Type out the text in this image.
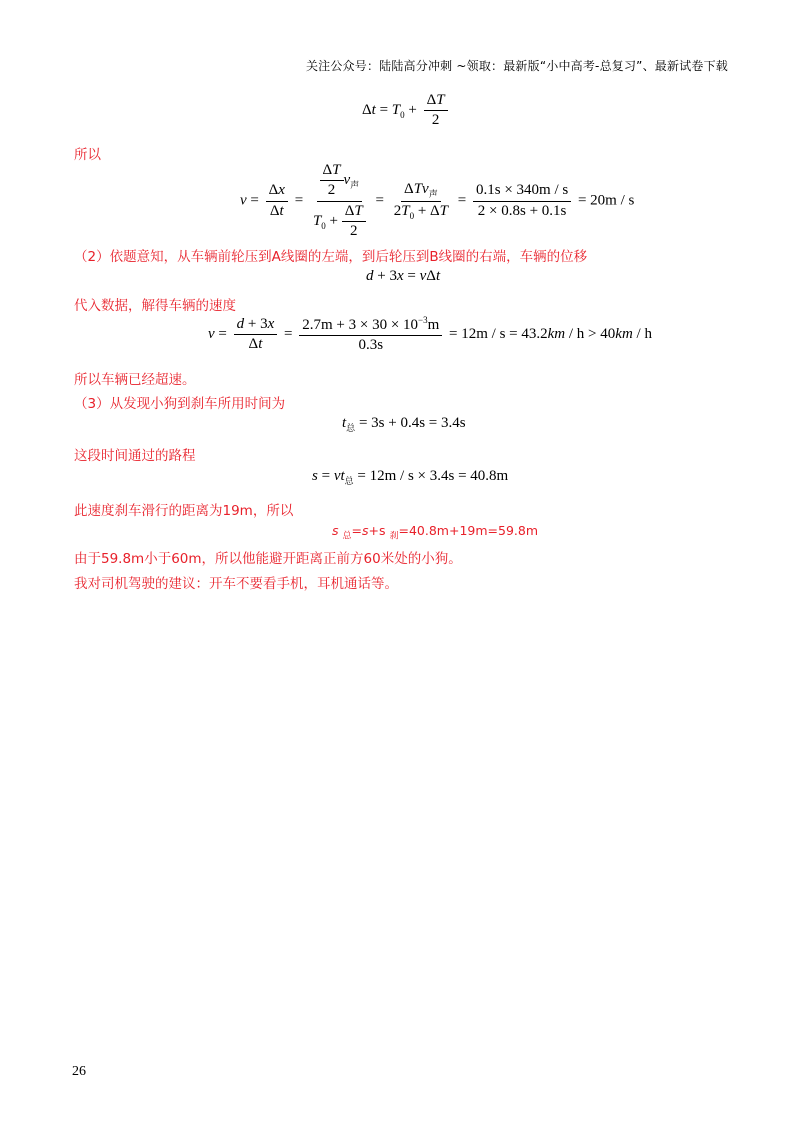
关注公众号：陆陆高分冲刺 ~领取：最新版“小中高考-总复习”、最新试卷下载
$\Delta t = T_0 + \frac{\Delta T}{2}$
所以
$v = \frac{\Delta x}{\Delta t} = \frac{\frac{\Delta T}{2} v_声}{T_0 + \frac{\Delta T}{2}} = \frac{\Delta Tv_声}{2T_0 + \Delta T} = \frac{0.1s \times 340m / s}{2 \times 0.8s + 0.1s} = 20m / s$
（2）依题意知，从车辆前轮压到A线圈的左端，到后轮压到B线圈的右端，车辆的位移
d + 3x = vΔt
代入数据，解得车辆的速度
$v = \frac{d + 3x}{\Delta t} = \frac{2.7m + 3 \times 30 \times 10^{-3}m}{0.3s} = 12m / s = 43.2km / h > 40km / h$
所以车辆已经超速。
（3）从发现小狗到刹车所用时间为
$t_总 = 3s + 0.4s = 3.4s$
这段时间通过的路程
$s = vt_总 = 12m / s \times 3.4s = 40.8m$
此速度刹车滑行的距离为19m，所以
s $_总$=s+s $_刹$=40.8m+19m=59.8m
由于59.8m小于60m，所以他能避开距离正前方60米处的小狗。
我对司机驾驶的建议：开车不要看手机，耳机通话等。
26
